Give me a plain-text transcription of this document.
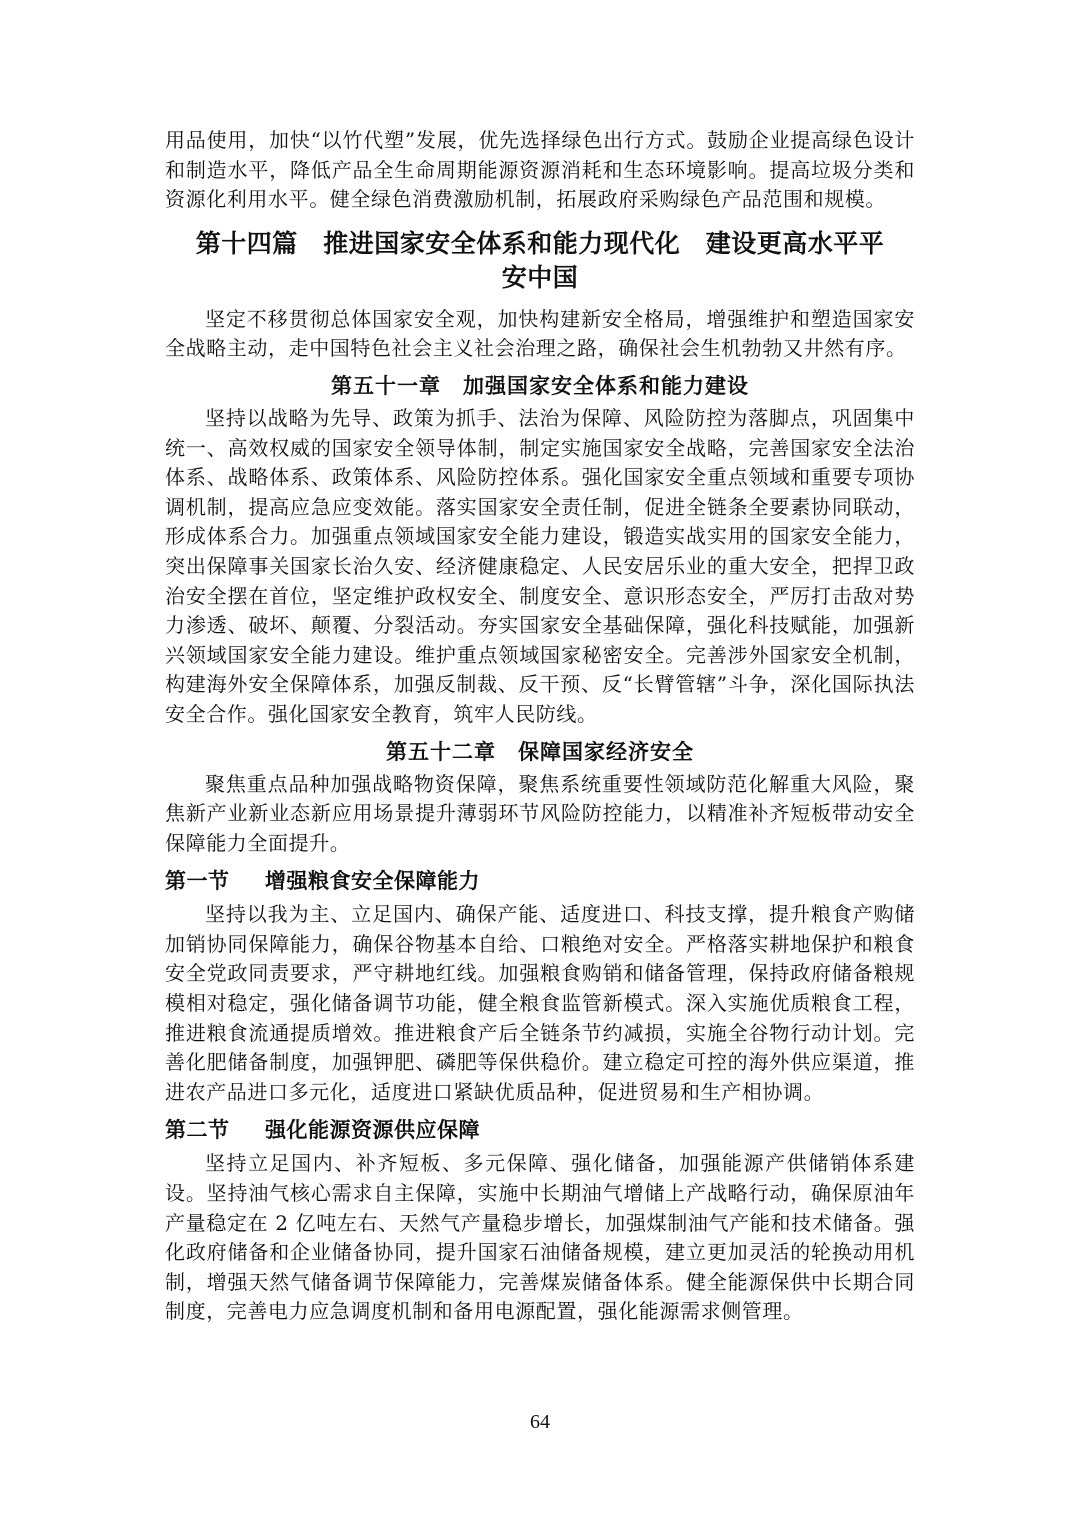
用品使用，加快“以竹代塑”发展，优先选择绿色出行方式。鼓励企业提高绿色设计和制造水平，降低产品全生命周期能源资源消耗和生态环境影响。提高垃圾分类和资源化利用水平。健全绿色消费激励机制，拓展政府采购绿色产品范围和规模。

第十四篇　推进国家安全体系和能力现代化　建设更高水平平
安中国

坚定不移贯彻总体国家安全观，加快构建新安全格局，增强维护和塑造国家安全战略主动，走中国特色社会主义社会治理之路，确保社会生机勃勃又井然有序。

第五十一章　加强国家安全体系和能力建设

坚持以战略为先导、政策为抓手、法治为保障、风险防控为落脚点，巩固集中统一、高效权威的国家安全领导体制，制定实施国家安全战略，完善国家安全法治体系、战略体系、政策体系、风险防控体系。强化国家安全重点领域和重要专项协调机制，提高应急应变效能。落实国家安全责任制，促进全链条全要素协同联动，形成体系合力。加强重点领域国家安全能力建设，锻造实战实用的国家安全能力，突出保障事关国家长治久安、经济健康稳定、人民安居乐业的重大安全，把捍卫政治安全摆在首位，坚定维护政权安全、制度安全、意识形态安全，严厉打击敌对势力渗透、破坏、颠覆、分裂活动。夯实国家安全基础保障，强化科技赋能，加强新兴领域国家安全能力建设。维护重点领域国家秘密安全。完善涉外国家安全机制，构建海外安全保障体系，加强反制裁、反干预、反“长臂管辖”斗争，深化国际执法安全合作。强化国家安全教育，筑牢人民防线。

第五十二章　保障国家经济安全

聚焦重点品种加强战略物资保障，聚焦系统重要性领域防范化解重大风险，聚焦新产业新业态新应用场景提升薄弱环节风险防控能力，以精准补齐短板带动安全保障能力全面提升。

第一节 增强粮食安全保障能力

坚持以我为主、立足国内、确保产能、适度进口、科技支撑，提升粮食产购储加销协同保障能力，确保谷物基本自给、口粮绝对安全。严格落实耕地保护和粮食安全党政同责要求，严守耕地红线。加强粮食购销和储备管理，保持政府储备粮规模相对稳定，强化储备调节功能，健全粮食监管新模式。深入实施优质粮食工程，推进粮食流通提质增效。推进粮食产后全链条节约减损，实施全谷物行动计划。完善化肥储备制度，加强钾肥、磷肥等保供稳价。建立稳定可控的海外供应渠道，推进农产品进口多元化，适度进口紧缺优质品种，促进贸易和生产相协调。

第二节 强化能源资源供应保障

坚持立足国内、补齐短板、多元保障、强化储备，加强能源产供储销体系建设。坚持油气核心需求自主保障，实施中长期油气增储上产战略行动，确保原油年产量稳定在 2 亿吨左右、天然气产量稳步增长，加强煤制油气产能和技术储备。强化政府储备和企业储备协同，提升国家石油储备规模，建立更加灵活的轮换动用机制，增强天然气储备调节保障能力，完善煤炭储备体系。健全能源保供中长期合同制度，完善电力应急调度机制和备用电源配置，强化能源需求侧管理。

64
